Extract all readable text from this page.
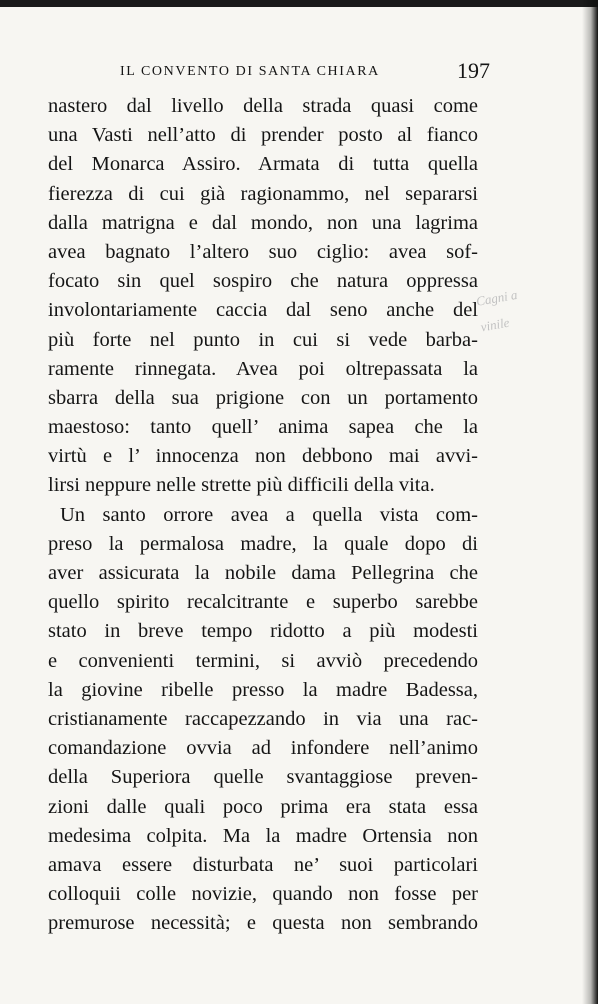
IL CONVENTO DI SANTA CHIARA	197
nastero dal livello della strada quasi come
una Vasti nell’atto di prender posto al fianco
del Monarca Assiro. Armata di tutta quella
fierezza di cui già ragionammo, nel separarsi
dalla matrigna e dal mondo, non una lagrima
avea bagnato l’altero suo ciglio: avea sof-
focato sin quel sospiro che natura oppressa
involontariamente caccia dal seno anche del
più forte nel punto in cui si vede barba-
ramente rinnegata. Avea poi oltrepassata la
sbarra della sua prigione con un portamento
maestoso: tanto quell’ anima sapea che la
virtù e l’ innocenza non debbono mai avvi-
lirsi neppure nelle strette più difficili della vita.
Un santo orrore avea a quella vista com-
preso la permalosa madre, la quale dopo di
aver assicurata la nobile dama Pellegrina che
quello spirito recalcitrante e superbo sarebbe
stato in breve tempo ridotto a più modesti
e convenienti termini, si avviò precedendo
la giovine ribelle presso la madre Badessa,
cristianamente raccapezzando in via una rac-
comandazione ovvia ad infondere nell’animo
della Superiora quelle svantaggiose preven-
zioni dalle quali poco prima era stata essa
medesima colpita. Ma la madre Ortensia non
amava essere disturbata ne’ suoi particolari
colloquii colle novizie, quando non fosse per
premurose necessità; e questa non sembrando
Cagni a
vinile
